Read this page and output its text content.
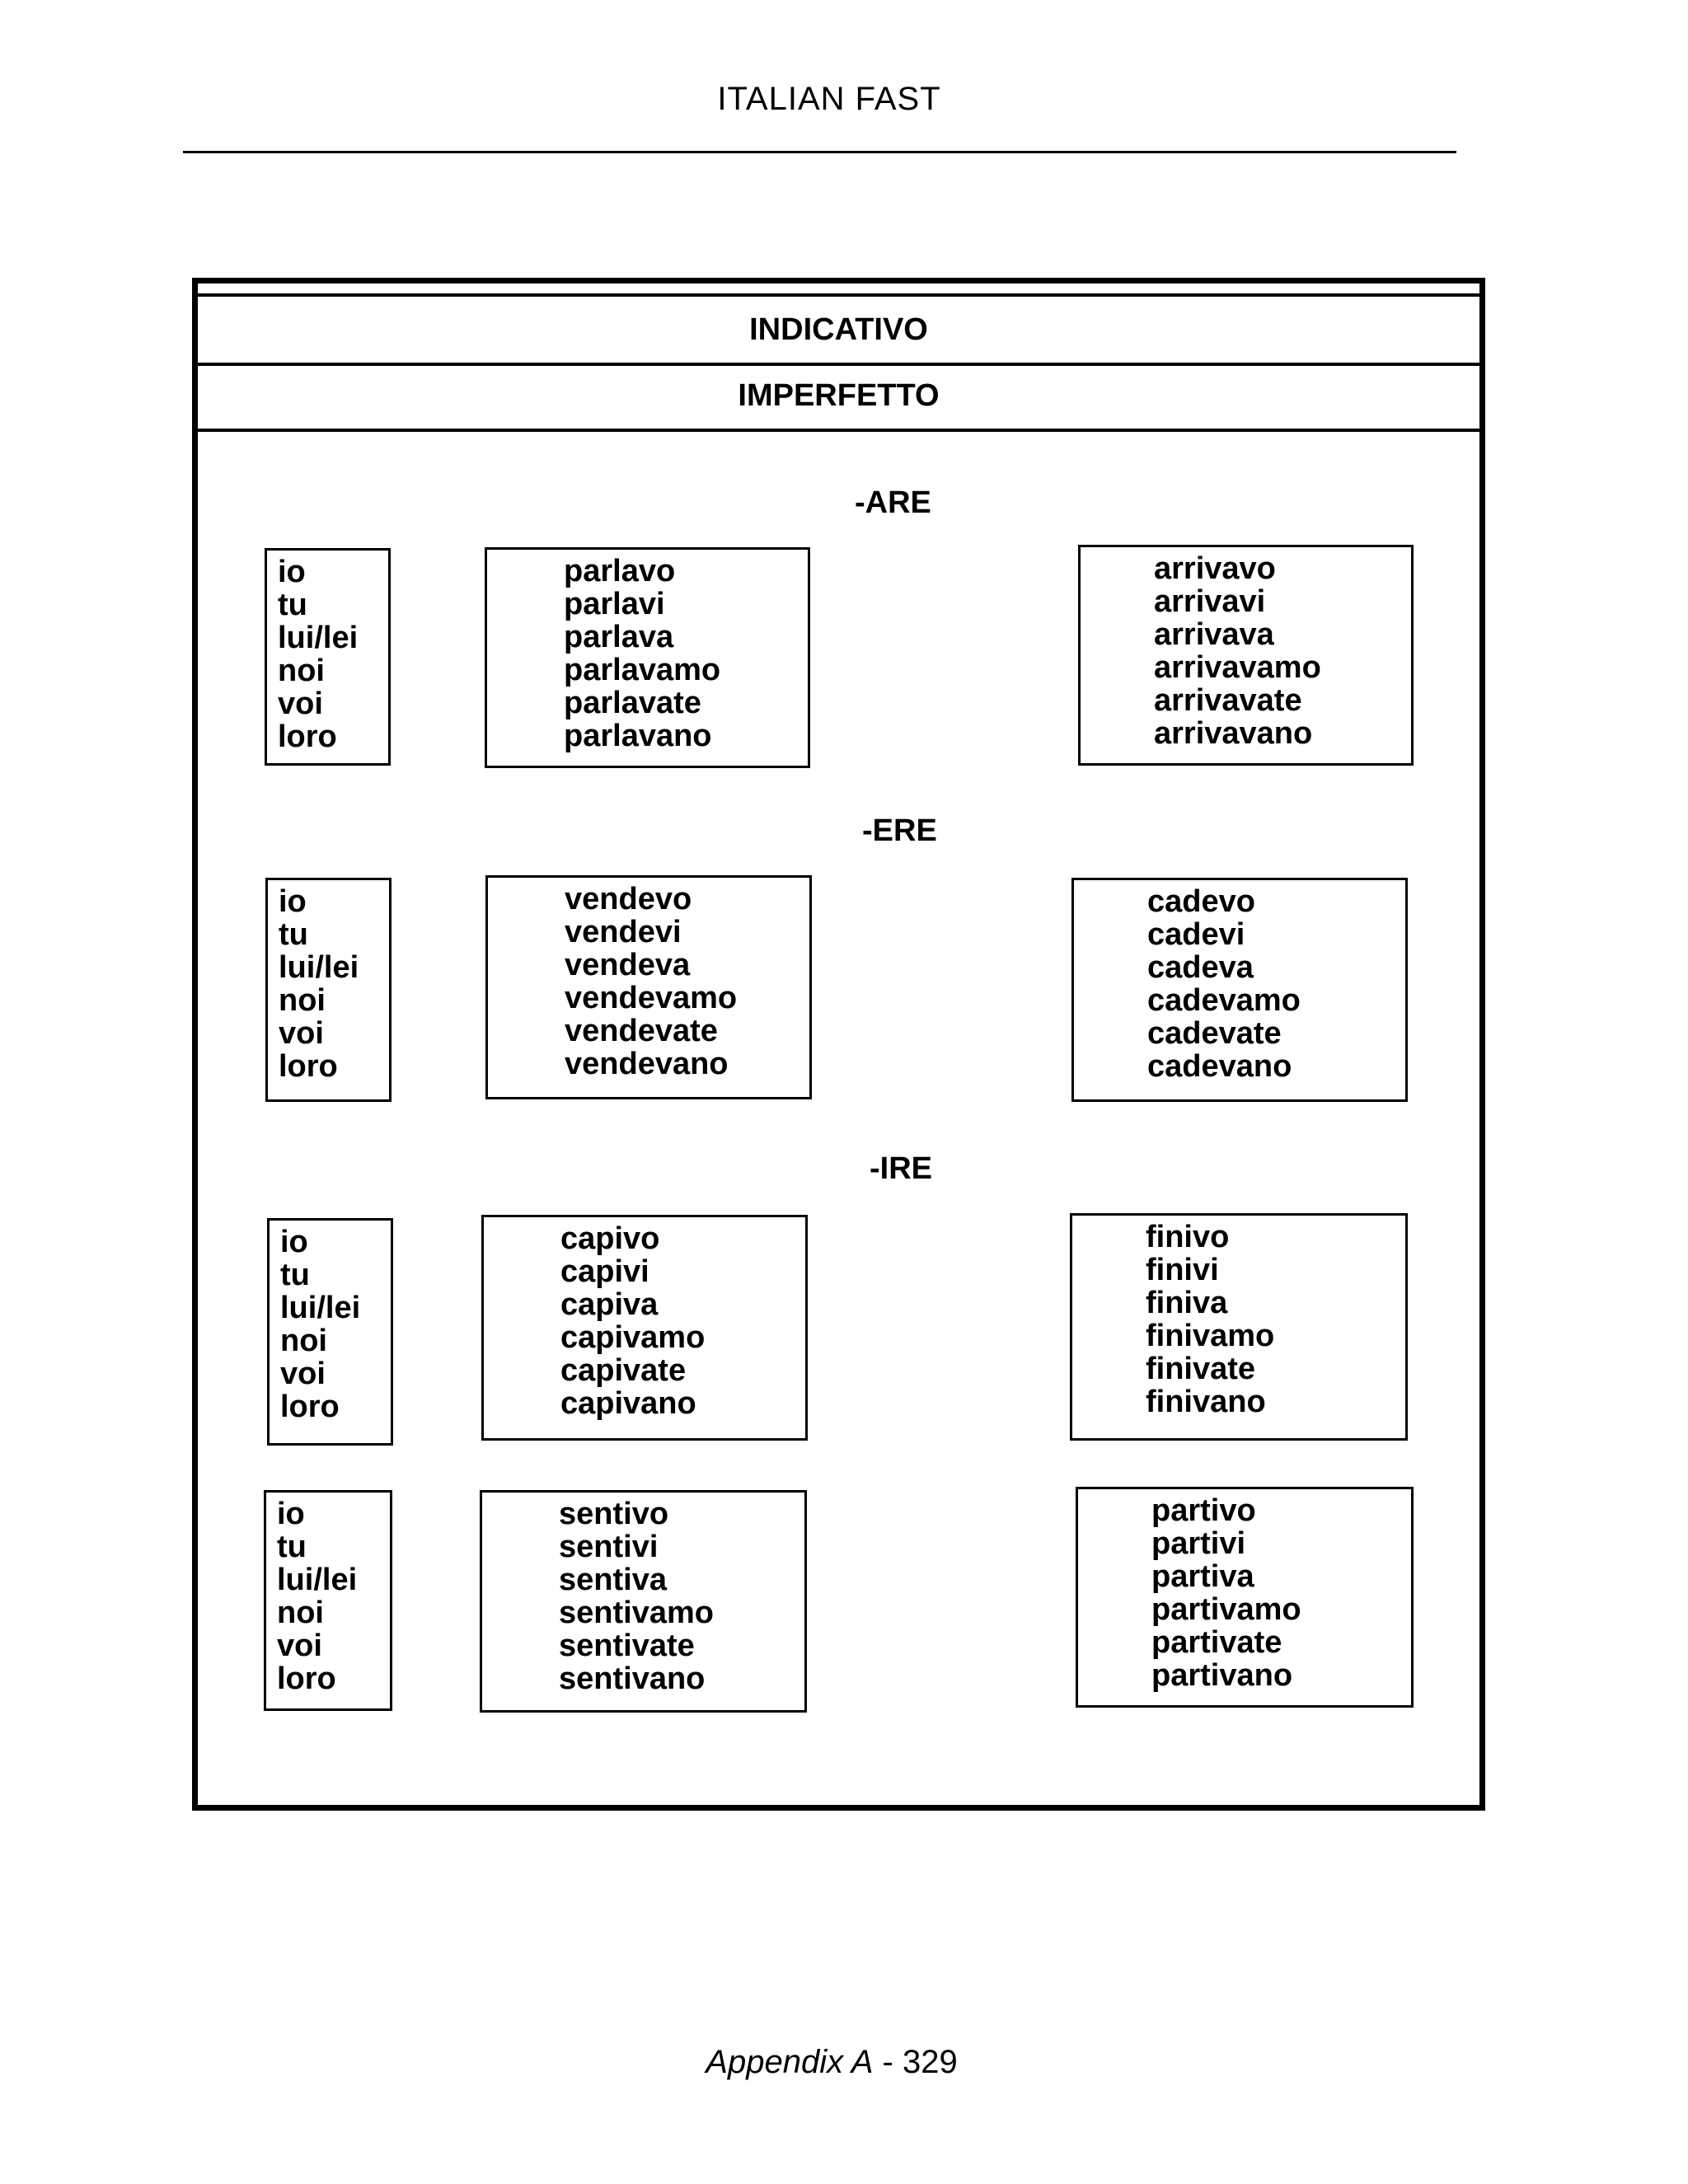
ITALIAN FAST
INDICATIVO
IMPERFETTO
-ARE
io
tu
lui/lei
noi
voi
loro
parlavo
parlavi
parlava
parlavamo
parlavate
parlavano
arrivavo
arrivavi
arrivava
arrivavamo
arrivavate
arrivavano
-ERE
io
tu
lui/lei
noi
voi
loro
vendevo
vendevi
vendeva
vendevamo
vendevate
vendevano
cadevo
cadevi
cadeva
cadevamo
cadevate
cadevano
-IRE
io
tu
lui/lei
noi
voi
loro
capivo
capivi
capiva
capivamo
capivate
capivano
finivo
finivi
finiva
finivamo
finivate
finivano
io
tu
lui/lei
noi
voi
loro
sentivo
sentivi
sentiva
sentivamo
sentivate
sentivano
partivo
partivi
partiva
partivamo
partivate
partivano
Appendix A - 329
